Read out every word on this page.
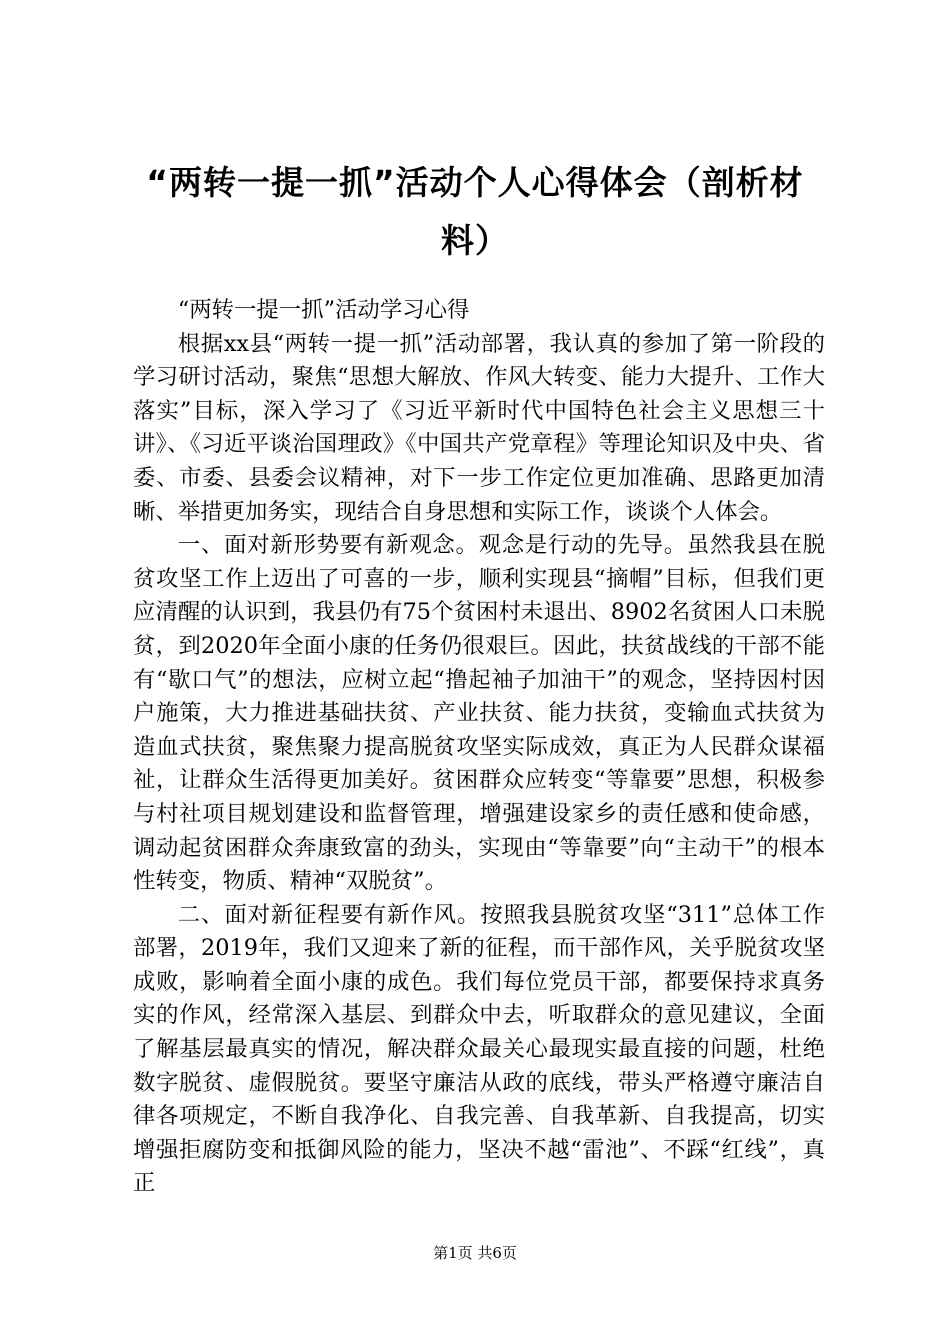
“两转一提一抓”活动个人心得体会（剖析材料）

“两转一提一抓”活动学习心得

根据xx县“两转一提一抓”活动部署，我认真的参加了第一阶段的学习研讨活动，聚焦“思想大解放、作风大转变、能力大提升、工作大落实”目标，深入学习了《习近平新时代中国特色社会主义思想三十讲》、《习近平谈治国理政》《中国共产党章程》等理论知识及中央、省委、市委、县委会议精神，对下一步工作定位更加准确、思路更加清晰、举措更加务实，现结合自身思想和实际工作，谈谈个人体会。

一、面对新形势要有新观念。观念是行动的先导。虽然我县在脱贫攻坚工作上迈出了可喜的一步，顺利实现县“摘帽”目标，但我们更应清醒的认识到，我县仍有75个贫困村未退出、8902名贫困人口未脱贫，到2020年全面小康的任务仍很艰巨。因此，扶贫战线的干部不能有“歇口气”的想法，应树立起“撸起袖子加油干”的观念，坚持因村因户施策，大力推进基础扶贫、产业扶贫、能力扶贫，变输血式扶贫为造血式扶贫，聚焦聚力提高脱贫攻坚实际成效，真正为人民群众谋福祉，让群众生活得更加美好。贫困群众应转变“等靠要”思想，积极参与村社项目规划建设和监督管理，增强建设家乡的责任感和使命感，调动起贫困群众奔康致富的劲头，实现由“等靠要”向“主动干”的根本性转变，物质、精神“双脱贫”。

二、面对新征程要有新作风。按照我县脱贫攻坚“311”总体工作部署，2019年，我们又迎来了新的征程，而干部作风，关乎脱贫攻坚成败，影响着全面小康的成色。我们每位党员干部，都要保持求真务实的作风，经常深入基层、到群众中去，听取群众的意见建议，全面了解基层最真实的情况，解决群众最关心最现实最直接的问题，杜绝数字脱贫、虚假脱贫。要坚守廉洁从政的底线，带头严格遵守廉洁自律各项规定，不断自我净化、自我完善、自我革新、自我提高，切实增强拒腐防变和抵御风险的能力，坚决不越“雷池”、不踩“红线”，真正

第1页 共6页
